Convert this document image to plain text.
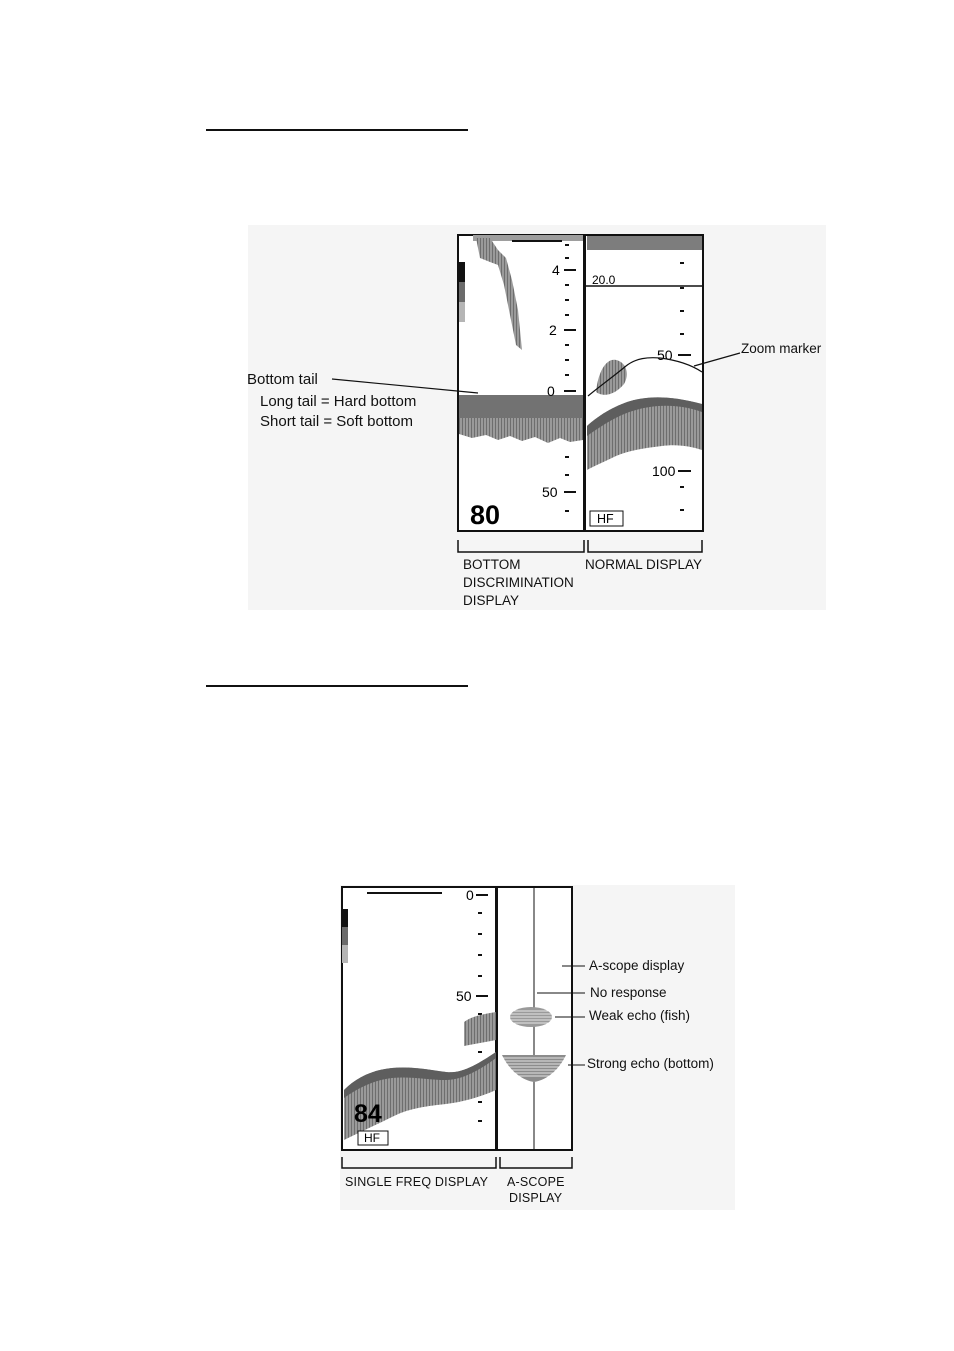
4
2
0
50
80
20.0
50
100
HF
Bottom tail
Long tail = Hard bottom
Short tail = Soft bottom
Zoom marker
BOTTOM
DISCRIMINATION
DISPLAY
NORMAL DISPLAY
0
50
84
HF
A-scope display
No response
Weak echo (fish)
Strong echo (bottom)
SINGLE FREQ DISPLAY A-SCOPE
DISPLAY
